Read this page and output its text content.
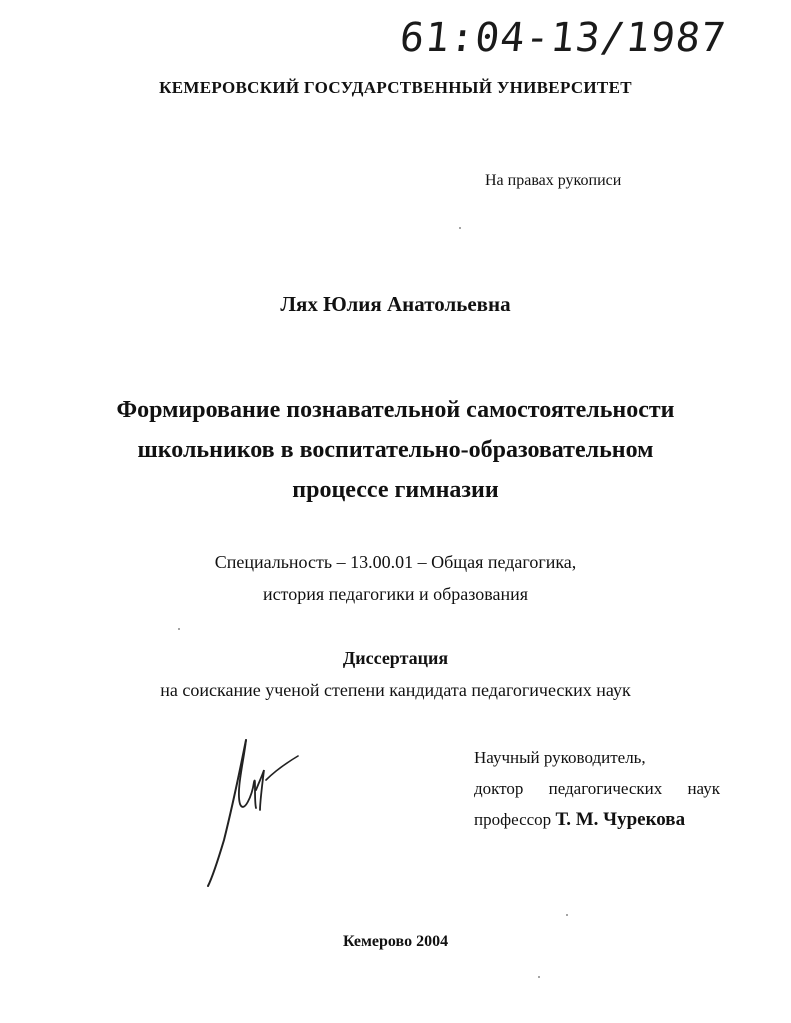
61:04-13/1987
КЕМЕРОВСКИЙ ГОСУДАРСТВЕННЫЙ УНИВЕРСИТЕТ
На правах рукописи
Лях Юлия Анатольевна
Формирование познавательной самостоятельности
школьников в воспитательно-образовательном
процессе гимназии
Специальность – 13.00.01 – Общая педагогика,
история педагогики и образования
Диссертация
на соискание ученой степени кандидата педагогических наук
Научный руководитель,
доктор педагогических наук
профессор Т. М. Чурекова
Кемерово 2004
